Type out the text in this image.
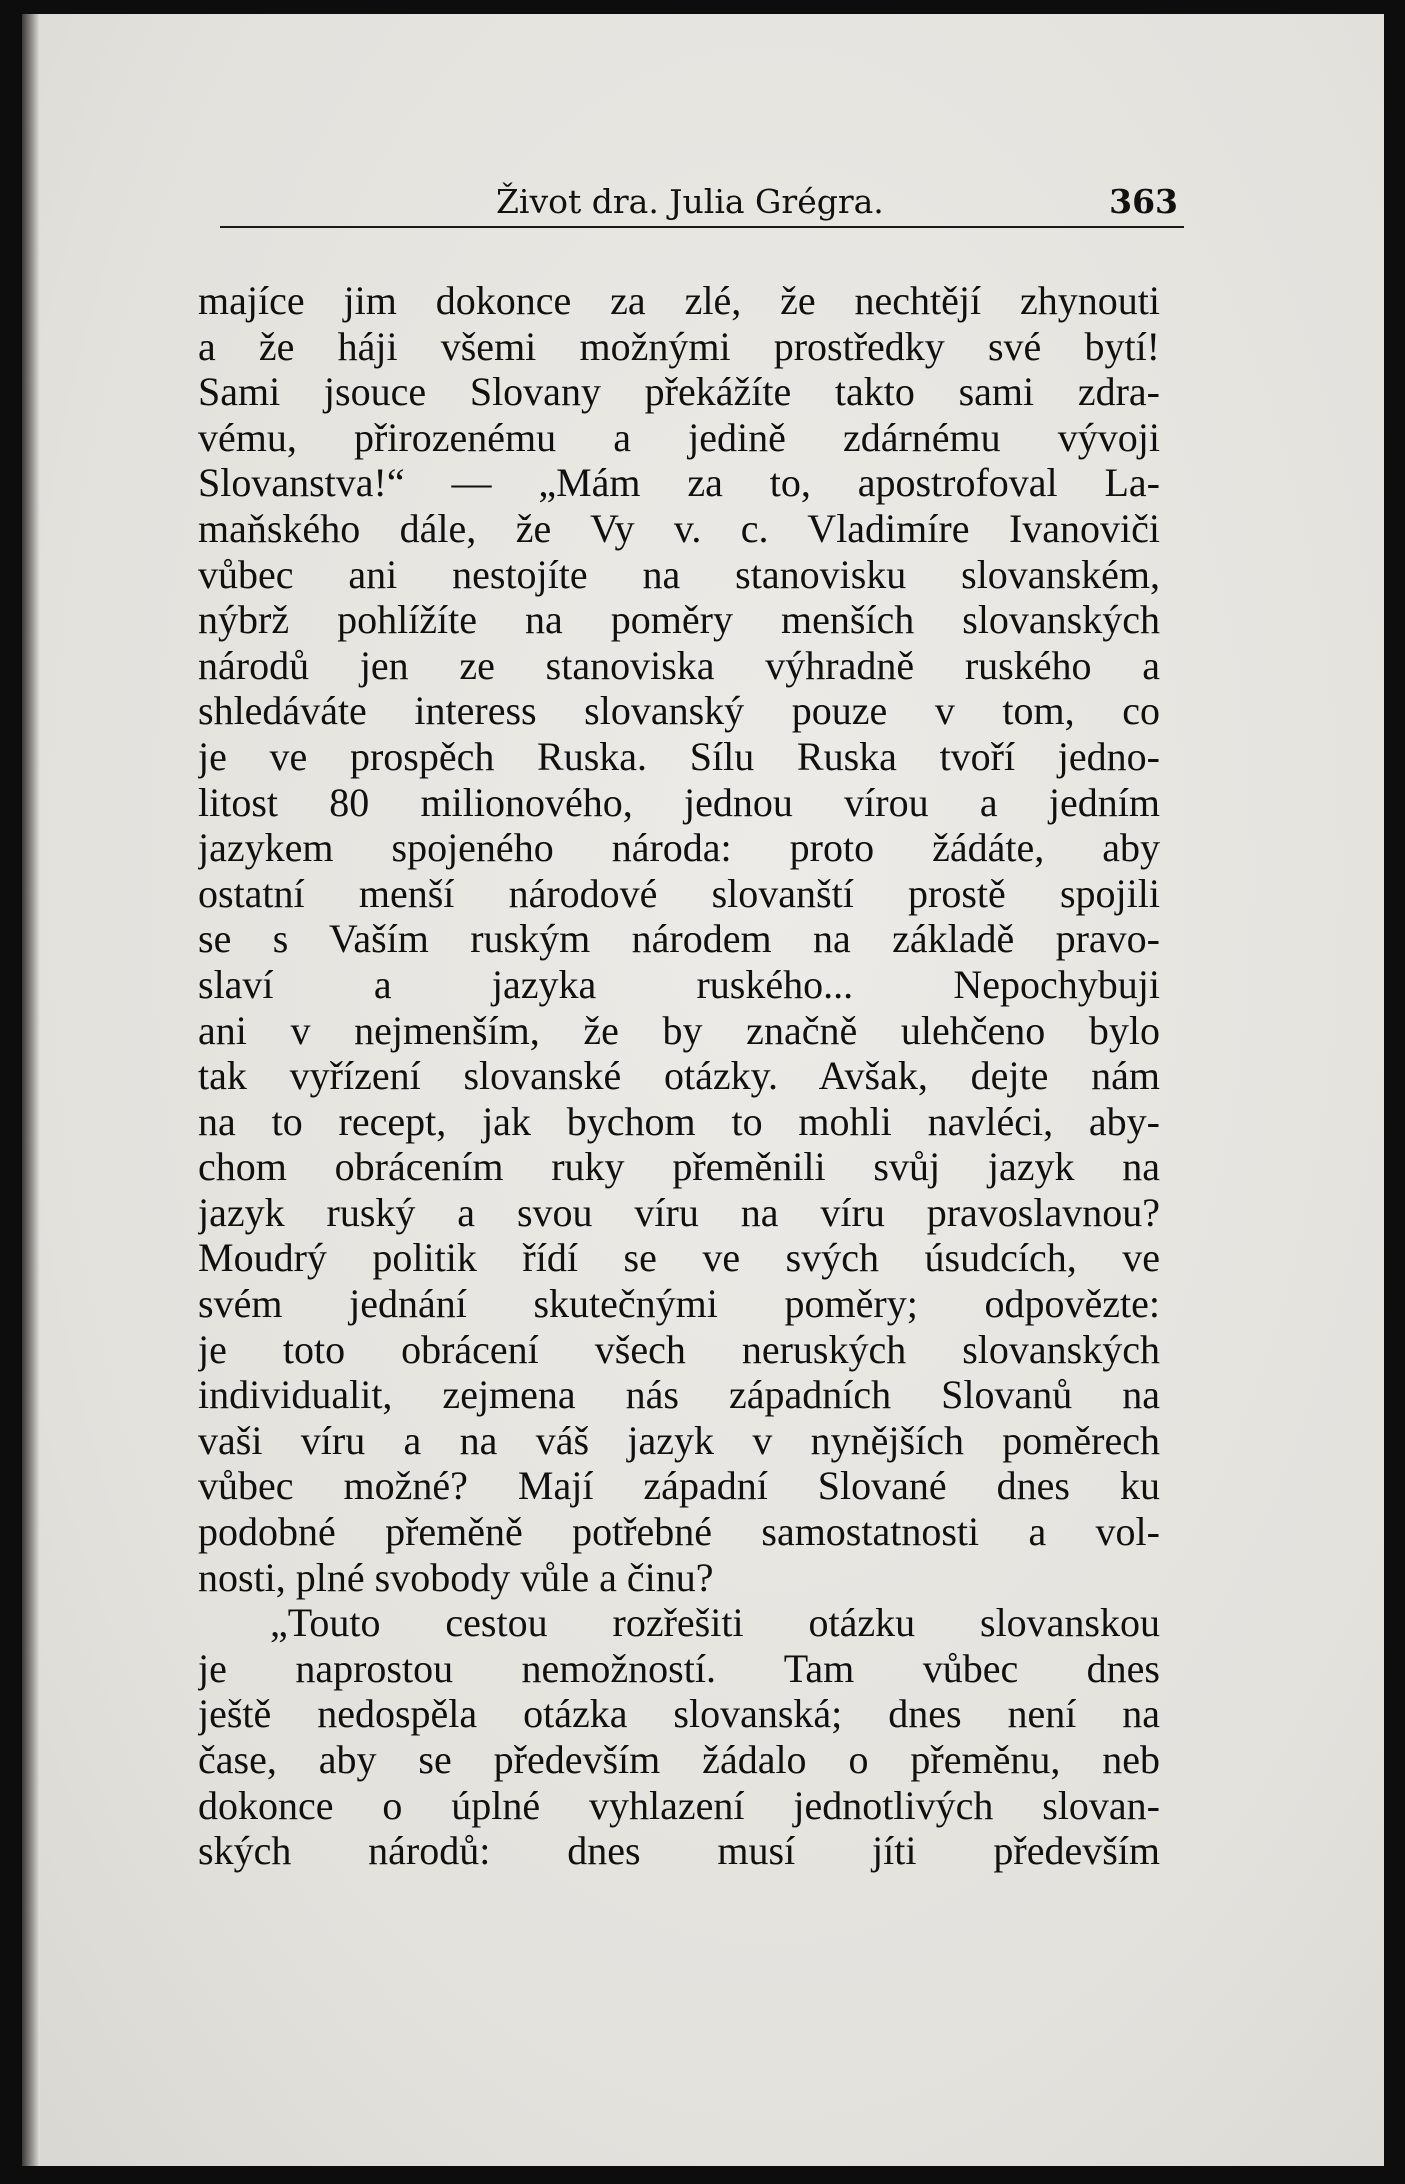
Život dra. Julia Grégra.	363
majíce jim dokonce za zlé, že nechtějí zhynouti
a že háji všemi možnými prostředky své bytí!
Sami jsouce Slovany překážíte takto sami zdra-
vému, přirozenému a jedině zdárnému vývoji
Slovanstva!“ — „Mám za to, apostrofoval La-
maňského dále, že Vy v. c. Vladimíre Ivanoviči
vůbec ani nestojíte na stanovisku slovanském,
nýbrž pohlížíte na poměry menších slovanských
národů jen ze stanoviska výhradně ruského a
shledáváte interess slovanský pouze v tom, co
je ve prospěch Ruska. Sílu Ruska tvoří jedno-
litost 80 milionového, jednou vírou a jedním
jazykem spojeného národa: proto žádáte, aby
ostatní menší národové slovanští prostě spojili
se s Vaším ruským národem na základě pravo-
slaví a jazyka ruského... Nepochybuji
ani v nejmenším, že by značně ulehčeno bylo
tak vyřízení slovanské otázky. Avšak, dejte nám
na to recept, jak bychom to mohli navléci, aby-
chom obrácením ruky přeměnili svůj jazyk na
jazyk ruský a svou víru na víru pravoslavnou?
Moudrý politik řídí se ve svých úsudcích, ve
svém jednání skutečnými poměry; odpovězte:
je toto obrácení všech neruských slovanských
individualit, zejmena nás západních Slovanů na
vaši víru a na váš jazyk v nynějších poměrech
vůbec možné? Mají západní Slované dnes ku
podobné přeměně potřebné samostatnosti a vol-
nosti, plné svobody vůle a činu?
„Touto cestou rozřešiti otázku slovanskou
je naprostou nemožností. Tam vůbec dnes
ještě nedospěla otázka slovanská; dnes není na
čase, aby se především žádalo o přeměnu, neb
dokonce o úplné vyhlazení jednotlivých slovan-
ských národů: dnes musí jíti především
